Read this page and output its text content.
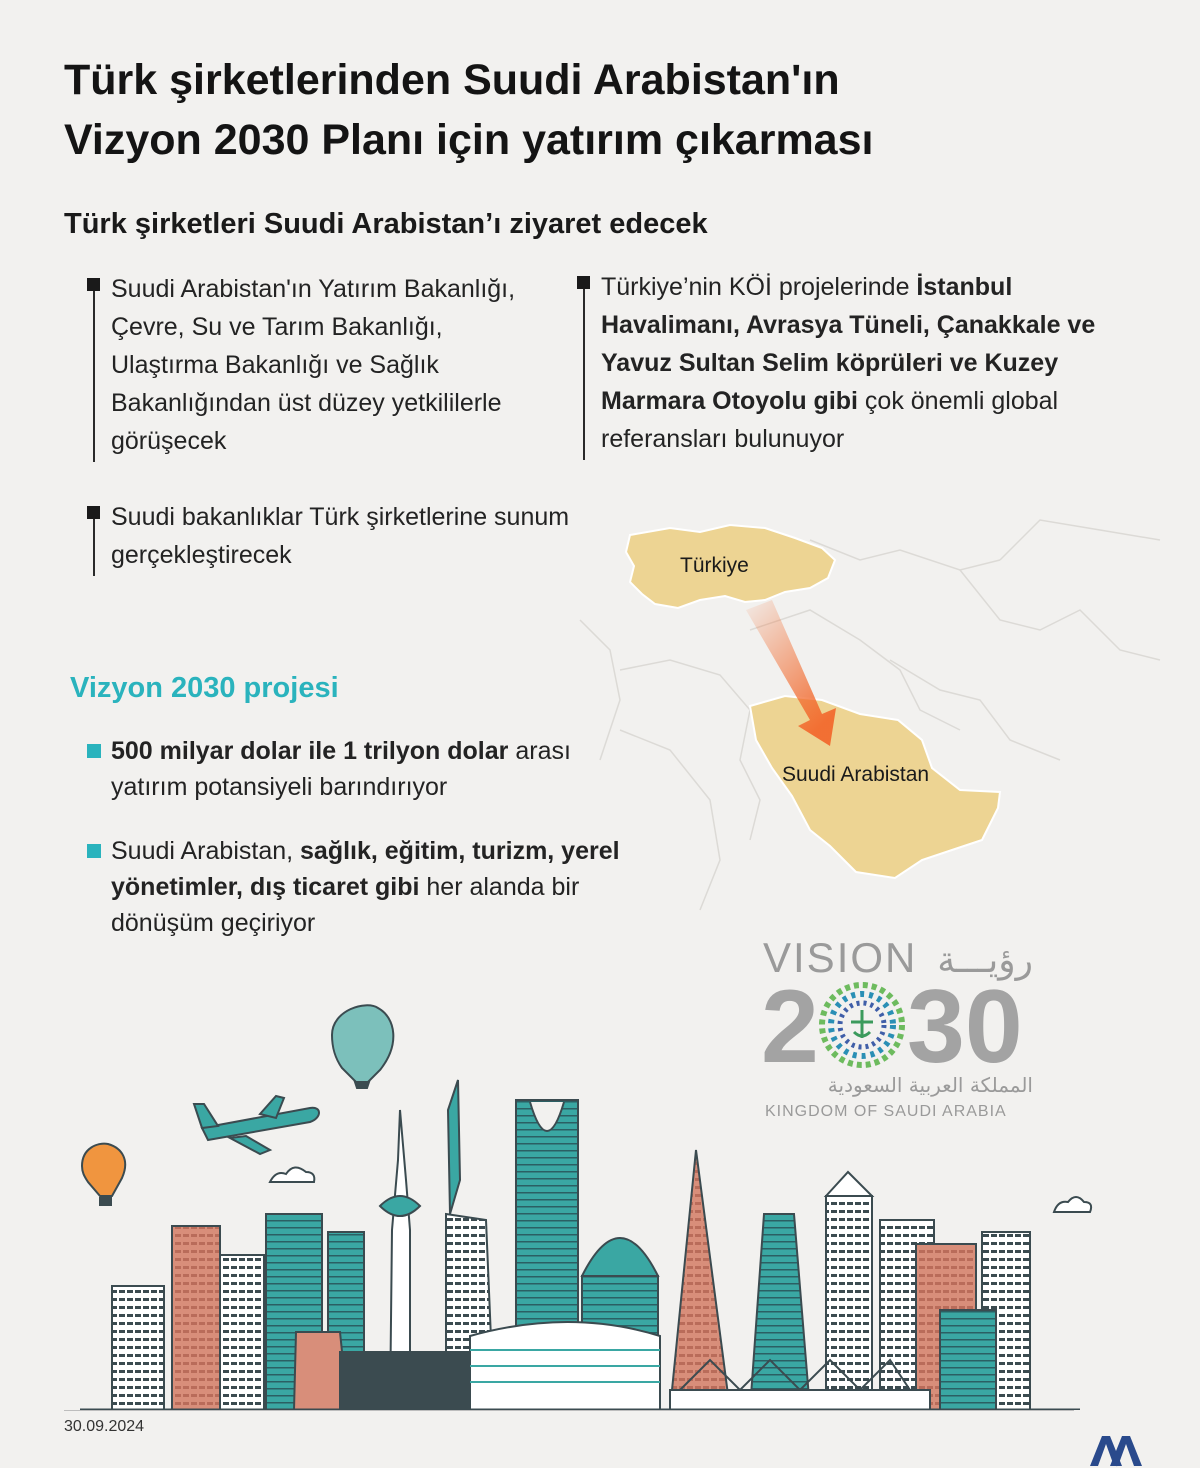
Türk şirketlerinden Suudi Arabistan'ın
Vizyon 2030 Planı için yatırım çıkarması
Türk şirketleri Suudi Arabistan’ı ziyaret edecek
Suudi Arabistan'ın Yatırım Bakanlığı, Çevre, Su ve Tarım Bakanlığı, Ulaştırma Bakanlığı ve Sağlık Bakanlığından üst düzey yetkililerle görüşecek
Türkiye’nin KÖİ projelerinde İstanbul Havalimanı, Avrasya Tüneli, Çanakkale ve Yavuz Sultan Selim köprüleri ve Kuzey Marmara Otoyolu gibi çok önemli global referansları bulunuyor
Suudi bakanlıklar Türk şirketlerine sunum gerçekleştirecek	Türkiye
Suudi Arabistan
Vizyon 2030 projesi
500 milyar dolar ile 1 trilyon dolar arası yatırım potansiyeli barındırıyor
Suudi Arabistan, sağlık, eğitim, turizm, yerel yönetimler, dış ticaret gibi her alanda bir dönüşüm geçiriyor
VISION رؤيـــة
2 30
المملكة العربية السعودية
KINGDOM OF SAUDI ARABIA
30.09.2024
